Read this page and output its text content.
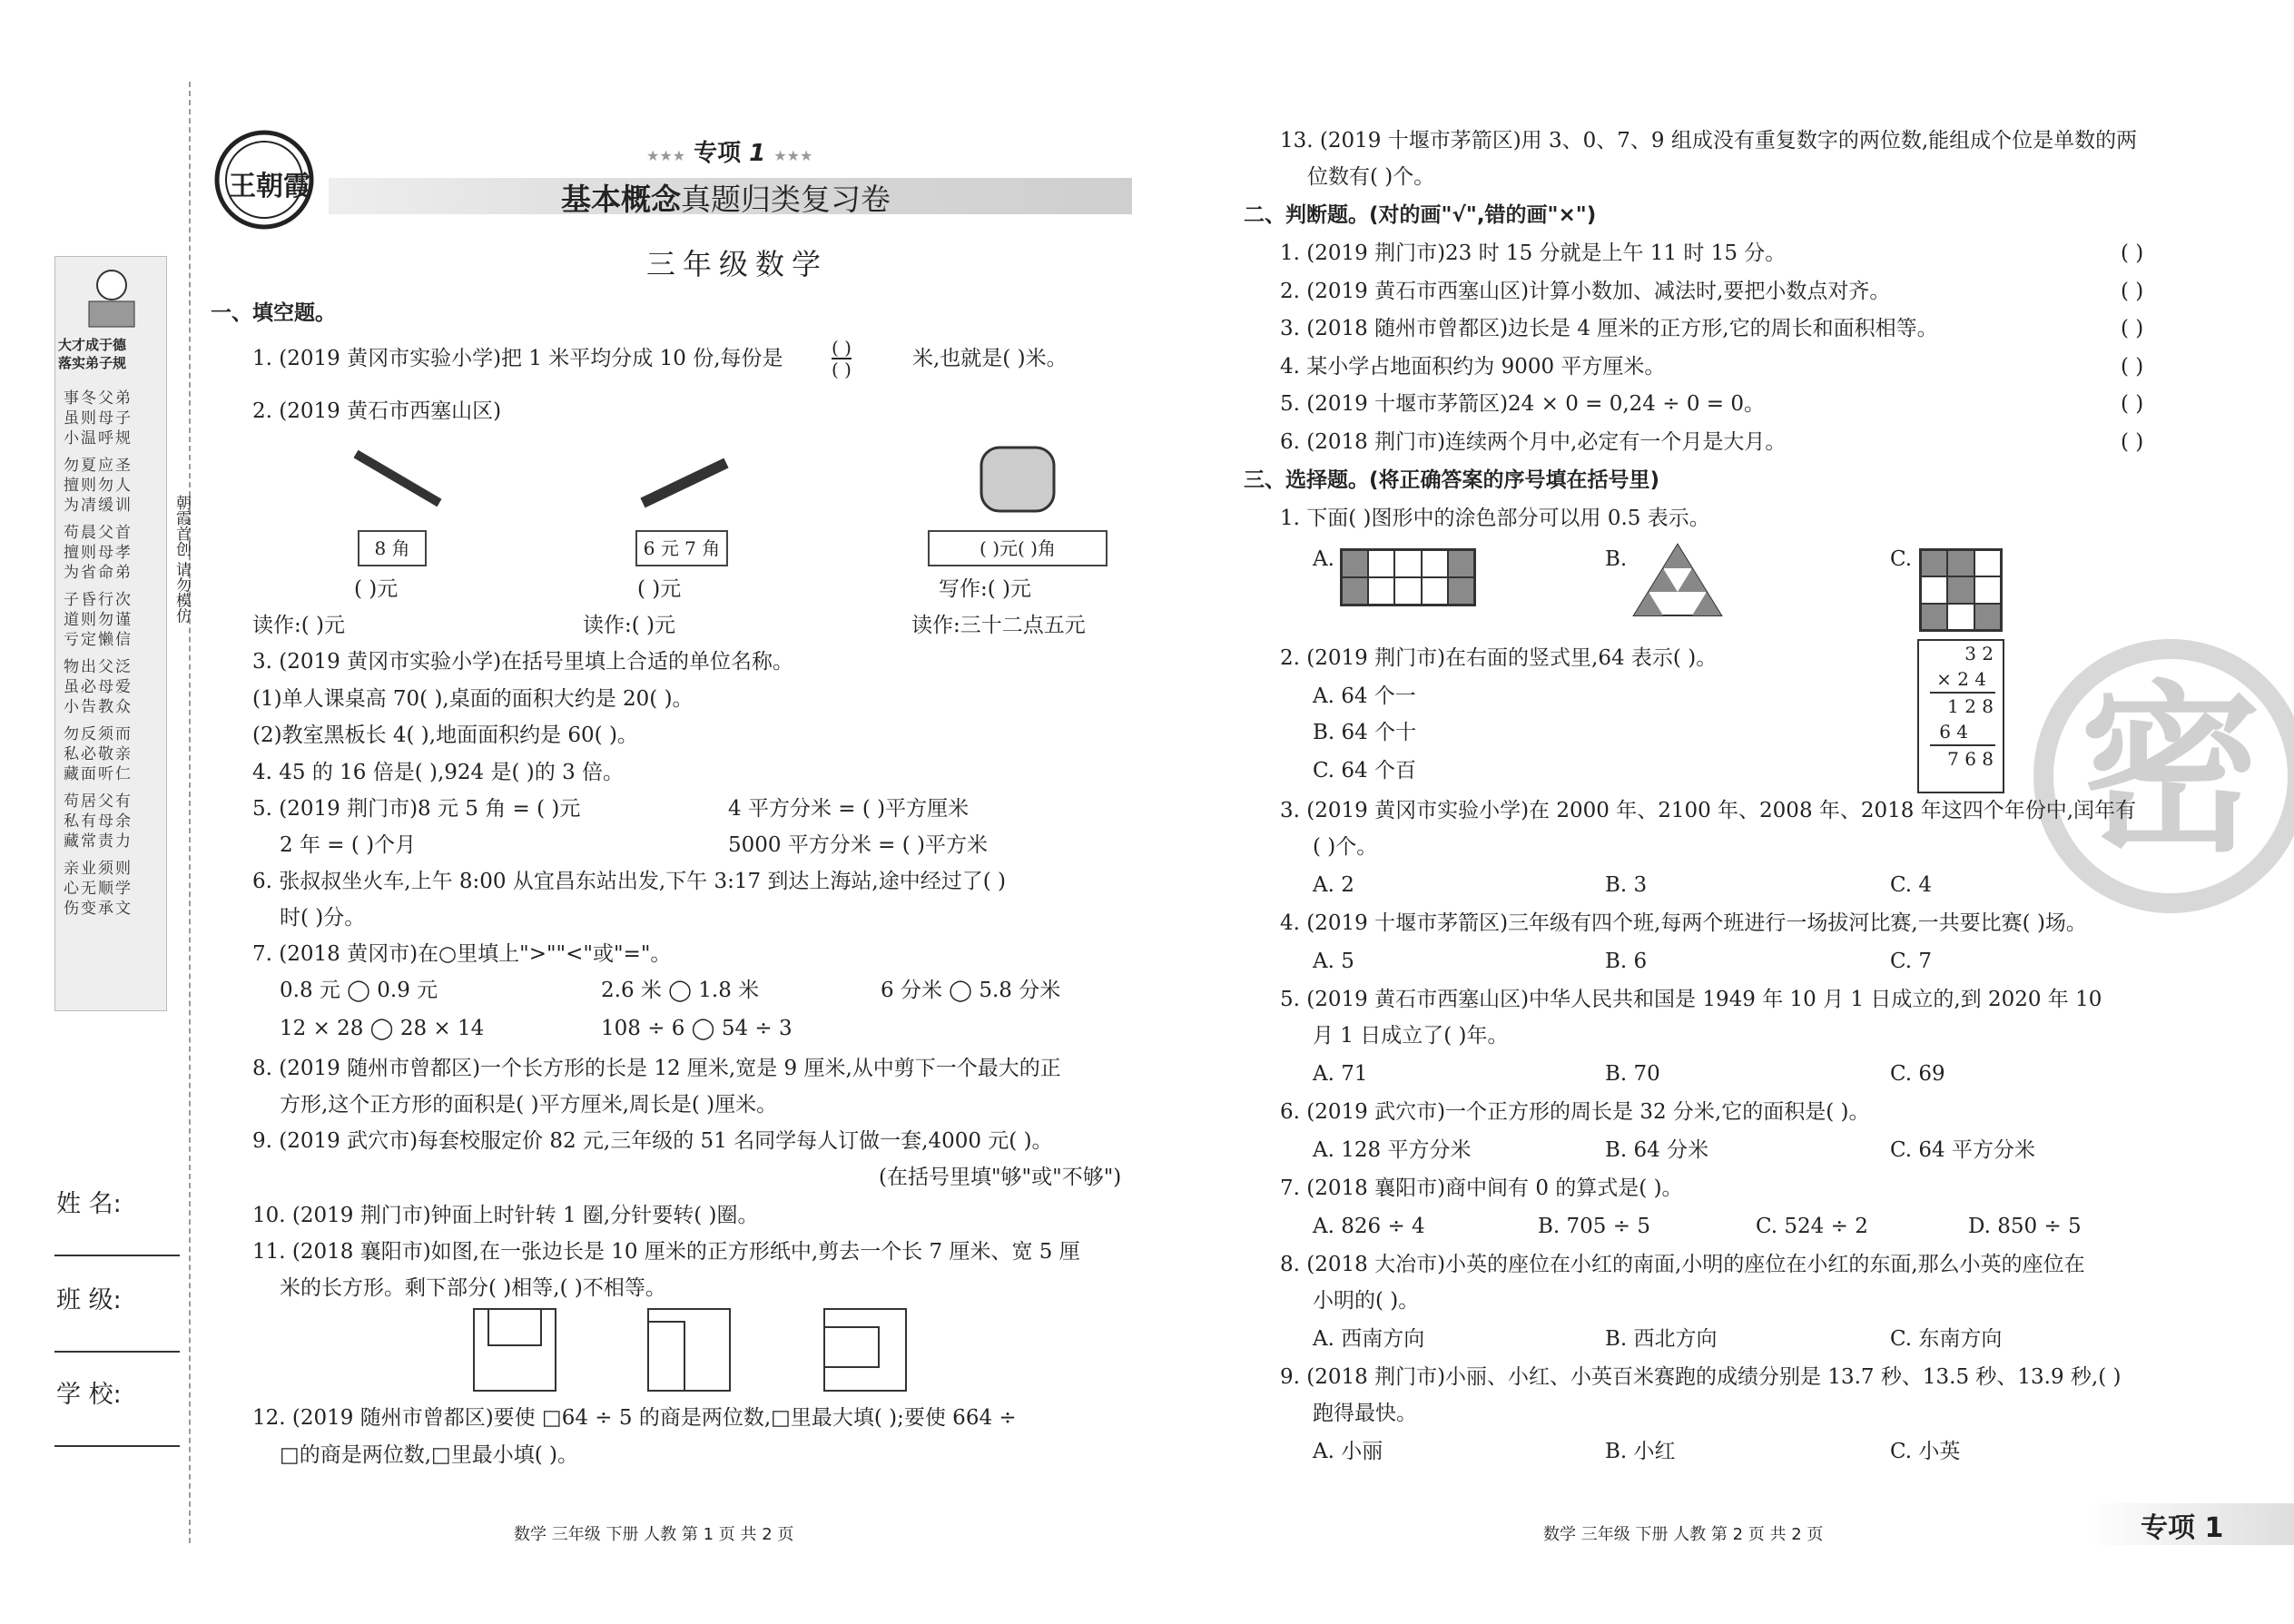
大才成于德
落实弟子规
事冬父弟
虽则母子
小温呼规
勿夏应圣
擅则勿人
为凊缓训
苟晨父首
擅则母孝
为省命弟
子昏行次
道则勿谨
亏定懒信
物出父泛
虽必母爱
小告教众
勿反须而
私必敬亲
藏面听仁
苟居父有
私有母余
藏常责力
亲业须则
心无顺学
伤变承文
朝霞首创 请勿模仿
姓 名:
班 级:
学 校:
王朝霞
★★★ 专项 1 ★★★
基本概念真题归类复习卷
三年级数学
一、填空题。
1. (2019 黄冈市实验小学)把 1 米平均分成 10 份,每份是	( )
( )	米,也就是( )米。
2. (2019 黄石市西塞山区)
8 角	6 元 7 角	( )元( )角
( )元	( )元	写作:( )元
读作:( )元	读作:( )元	读作:三十二点五元
3. (2019 黄冈市实验小学)在括号里填上合适的单位名称。
(1)单人课桌高 70( ),桌面的面积大约是 20( )。
(2)教室黑板长 4( ),地面面积约是 60( )。
4. 45 的 16 倍是( ),924 是( )的 3 倍。
5. (2019 荆门市)8 元 5 角 = ( )元	4 平方分米 = ( )平方厘米
2 年 = ( )个月	5000 平方分米 = ( )平方米
6. 张叔叔坐火车,上午 8:00 从宜昌东站出发,下午 3:17 到达上海站,途中经过了( )
时( )分。
7. (2018 黄冈市)在○里填上">""<"或"="。
0.8 元 ◯ 0.9 元	2.6 米 ◯ 1.8 米	6 分米 ◯ 5.8 分米
12 × 28 ◯ 28 × 14	108 ÷ 6 ◯ 54 ÷ 3
8. (2019 随州市曾都区)一个长方形的长是 12 厘米,宽是 9 厘米,从中剪下一个最大的正
方形,这个正方形的面积是( )平方厘米,周长是( )厘米。
9. (2019 武穴市)每套校服定价 82 元,三年级的 51 名同学每人订做一套,4000 元( )。
(在括号里填"够"或"不够")
10. (2019 荆门市)钟面上时针转 1 圈,分针要转( )圈。
11. (2018 襄阳市)如图,在一张边长是 10 厘米的正方形纸中,剪去一个长 7 厘米、宽 5 厘
米的长方形。剩下部分( )相等,( )不相等。
12. (2019 随州市曾都区)要使 □64 ÷ 5 的商是两位数,□里最大填( );要使 664 ÷
□的商是两位数,□里最小填( )。
数学 三年级 下册 人教 第 1 页 共 2 页
密
13. (2019 十堰市茅箭区)用 3、0、7、9 组成没有重复数字的两位数,能组成个位是单数的两
位数有( )个。
二、判断题。(对的画"√",错的画"×")
1. (2019 荆门市)23 时 15 分就是上午 11 时 15 分。	( )
2. (2019 黄石市西塞山区)计算小数加、减法时,要把小数点对齐。	( )
3. (2018 随州市曾都区)边长是 4 厘米的正方形,它的周长和面积相等。	( )
4. 某小学占地面积约为 9000 平方厘米。	( )
5. (2019 十堰市茅箭区)24 × 0 = 0,24 ÷ 0 = 0。	( )
6. (2018 荆门市)连续两个月中,必定有一个月是大月。	( )
三、选择题。(将正确答案的序号填在括号里)
1. 下面( )图形中的涂色部分可以用 0.5 表示。
A.	B.	C.
2. (2019 荆门市)在右面的竖式里,64 表示( )。
A. 64 个一
B. 64 个十
C. 64 个百
3 2
× 2 4
1 2 8
6 4
7 6 8
3. (2019 黄冈市实验小学)在 2000 年、2100 年、2008 年、2018 年这四个年份中,闰年有
( )个。
A. 2	B. 3	C. 4
4. (2019 十堰市茅箭区)三年级有四个班,每两个班进行一场拔河比赛,一共要比赛( )场。
A. 5	B. 6	C. 7
5. (2019 黄石市西塞山区)中华人民共和国是 1949 年 10 月 1 日成立的,到 2020 年 10
月 1 日成立了( )年。
A. 71	B. 70	C. 69
6. (2019 武穴市)一个正方形的周长是 32 分米,它的面积是( )。
A. 128 平方分米	B. 64 分米	C. 64 平方分米
7. (2018 襄阳市)商中间有 0 的算式是( )。
A. 826 ÷ 4	B. 705 ÷ 5	C. 524 ÷ 2	D. 850 ÷ 5
8. (2018 大冶市)小英的座位在小红的南面,小明的座位在小红的东面,那么小英的座位在
小明的( )。
A. 西南方向	B. 西北方向	C. 东南方向
9. (2018 荆门市)小丽、小红、小英百米赛跑的成绩分别是 13.7 秒、13.5 秒、13.9 秒,( )
跑得最快。
A. 小丽	B. 小红	C. 小英
数学 三年级 下册 人教 第 2 页 共 2 页	专项 1
